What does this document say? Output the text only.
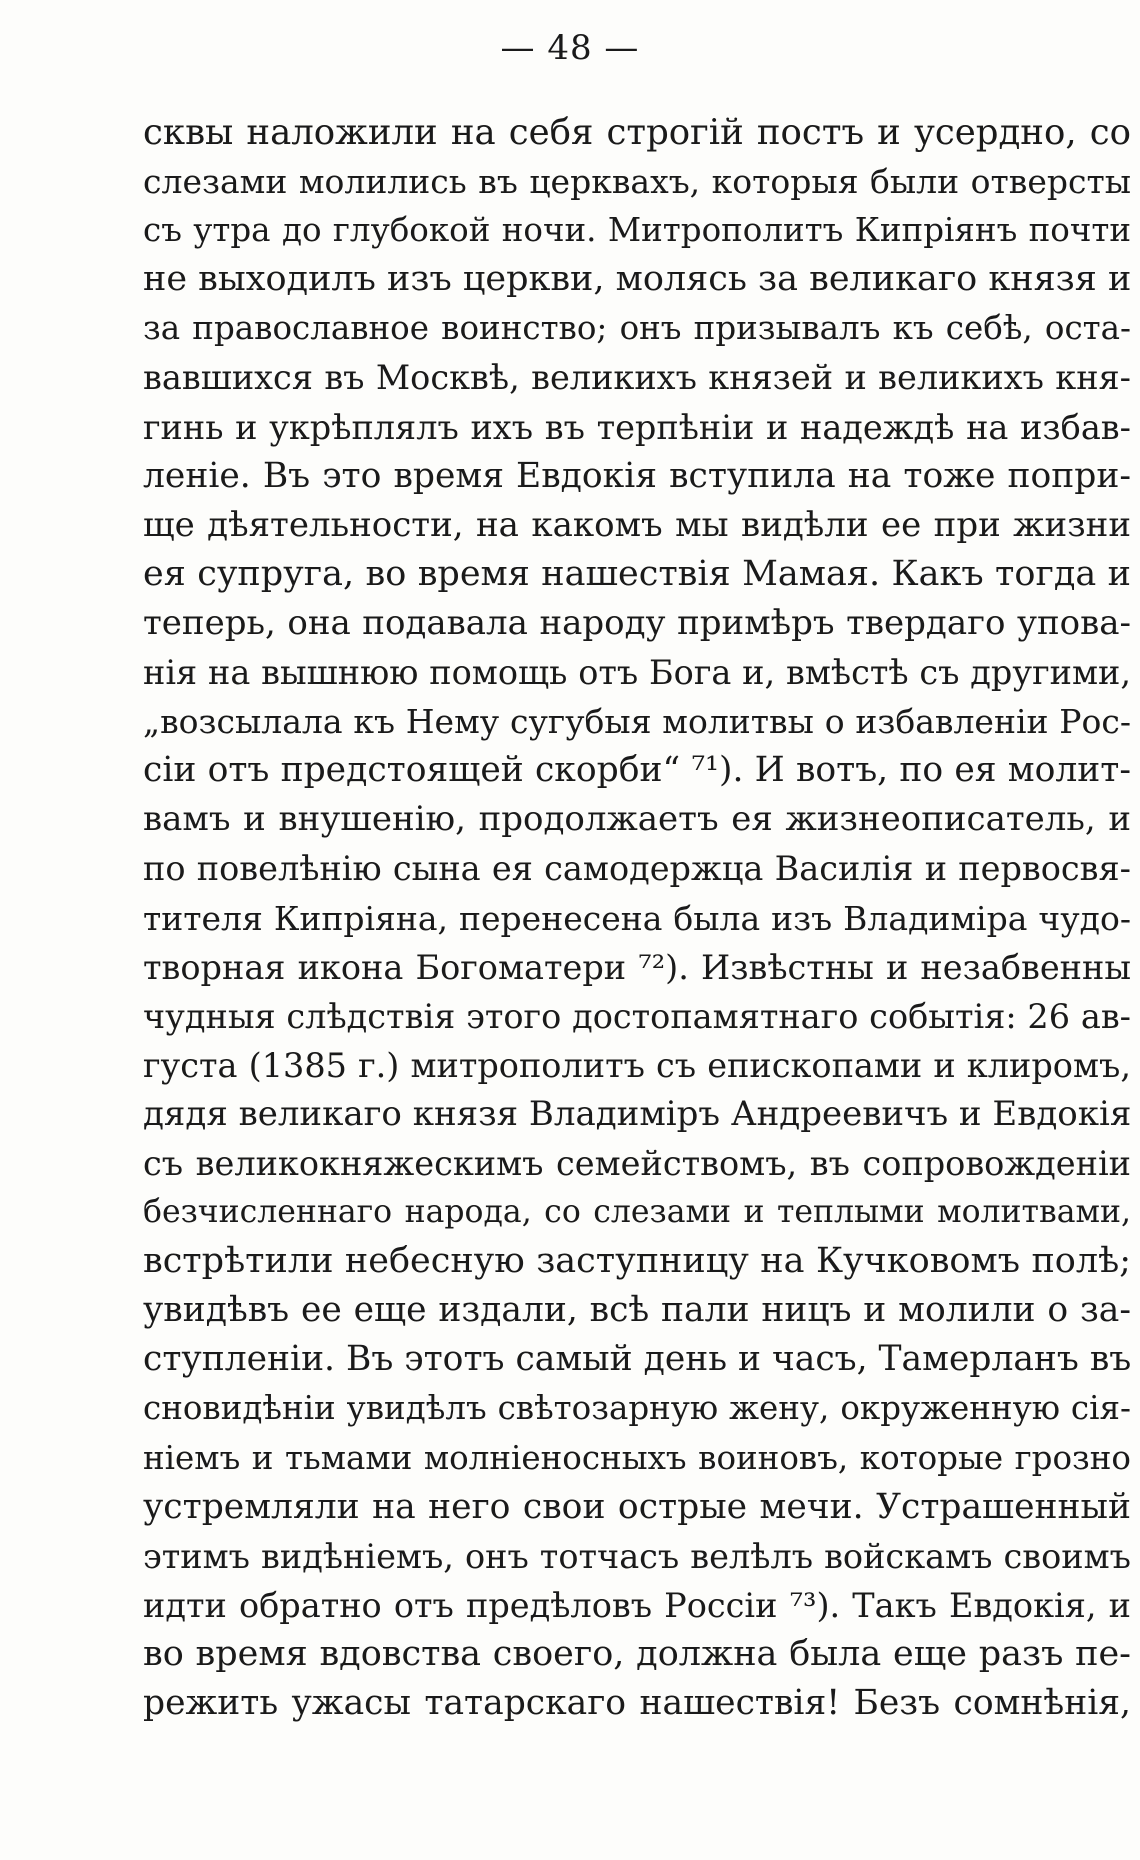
— 48 —
сквы наложили на себя строгій постъ и усердно, со
слезами молились въ церквахъ, которыя были отверсты
съ утра до глубокой ночи. Митрополитъ Кипріянъ почти
не выходилъ изъ церкви, молясь за великаго князя и
за православное воинство; онъ призывалъ къ себѣ, оста-
вавшихся въ Москвѣ, великихъ князей и великихъ кня-
гинь и укрѣплялъ ихъ въ терпѣніи и надеждѣ на избав-
леніе. Въ это время Евдокія вступила на тоже попри-
ще дѣятельности, на какомъ мы видѣли ее при жизни
ея супруга, во время нашествія Мамая. Какъ тогда и
теперь, она подавала народу примѣръ твердаго упова-
нія на вышнюю помощь отъ Бога и, вмѣстѣ съ другими,
„возсылала къ Нему сугубыя молитвы о избавленіи Рос-
сіи отъ предстоящей скорби“ ⁷¹). И вотъ, по ея молит-
вамъ и внушенію, продолжаетъ ея жизнеописатель, и
по повелѣнію сына ея самодержца Василія и первосвя-
тителя Кипріяна, перенесена была изъ Владиміра чудо-
творная икона Богоматери ⁷²). Извѣстны и незабвенны
чудныя слѣдствія этого достопамятнаго событія: 26 ав-
густа (1385 г.) митрополитъ съ епископами и клиромъ,
дядя великаго князя Владиміръ Андреевичъ и Евдокія
съ великокняжескимъ семействомъ, въ сопровожденіи
безчисленнаго народа, со слезами и теплыми молитвами,
встрѣтили небесную заступницу на Кучковомъ полѣ;
увидѣвъ ее еще издали, всѣ пали ницъ и молили о за-
ступленіи. Въ этотъ самый день и часъ, Тамерланъ въ
сновидѣніи увидѣлъ свѣтозарную жену, окруженную сія-
ніемъ и тьмами молніеносныхъ воиновъ, которые грозно
устремляли на него свои острые мечи. Устрашенный
этимъ видѣніемъ, онъ тотчасъ велѣлъ войскамъ своимъ
идти обратно отъ предѣловъ Россіи ⁷³). Такъ Евдокія, и
во время вдовства своего, должна была еще разъ пе-
режить ужасы татарскаго нашествія! Безъ сомнѣнія,
